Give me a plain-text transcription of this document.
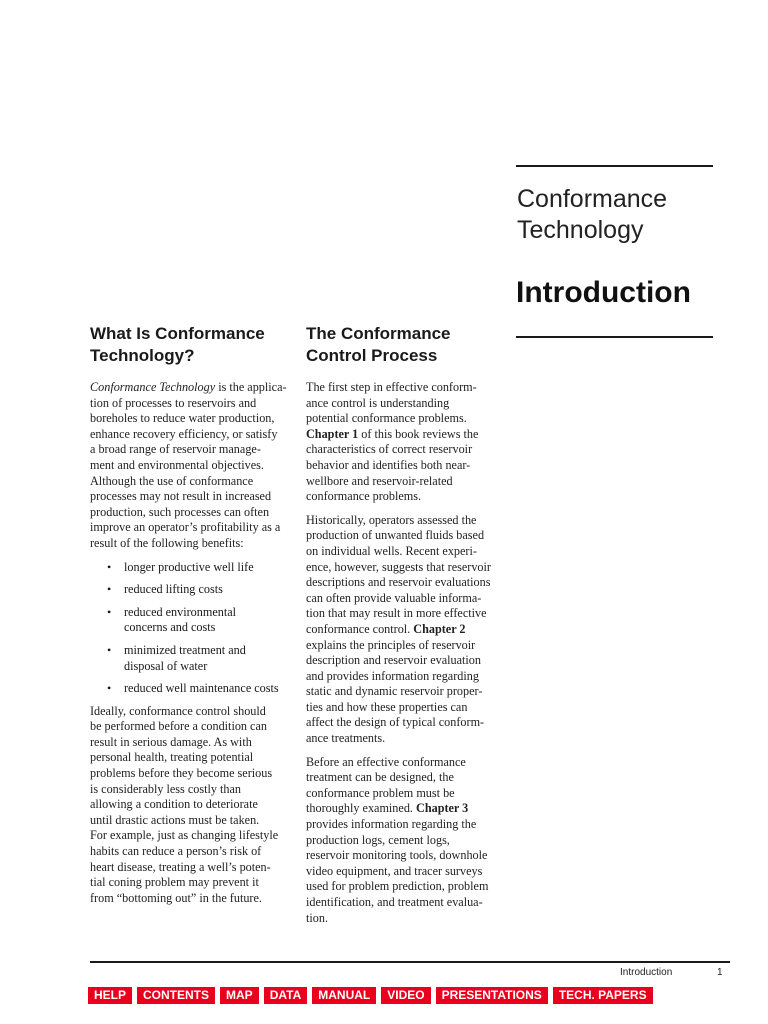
Conformance
Technology
Introduction
What Is Conformance
Technology?

Conformance Technology is the applica-
tion of processes to reservoirs and
boreholes to reduce water production,
enhance recovery efficiency, or satisfy
a broad range of reservoir manage-
ment and environmental objectives.
Although the use of conformance
processes may not result in increased
production, such processes can often
improve an operator’s profitability as a
result of the following benefits:

• longer productive well life
• reduced lifting costs
• reduced environmental
concerns and costs
• minimized treatment and
disposal of water
• reduced well maintenance costs

Ideally, conformance control should
be performed before a condition can
result in serious damage. As with
personal health, treating potential
problems before they become serious
is considerably less costly than
allowing a condition to deteriorate
until drastic actions must be taken.
For example, just as changing lifestyle
habits can reduce a person’s risk of
heart disease, treating a well’s poten-
tial coning problem may prevent it
from “bottoming out” in the future.

The Conformance
Control Process

The first step in effective conform-
ance control is understanding
potential conformance problems.
Chapter 1 of this book reviews the
characteristics of correct reservoir
behavior and identifies both near-
wellbore and reservoir-related
conformance problems.

Historically, operators assessed the
production of unwanted fluids based
on individual wells. Recent experi-
ence, however, suggests that reservoir
descriptions and reservoir evaluations
can often provide valuable informa-
tion that may result in more effective
conformance control. Chapter 2
explains the principles of reservoir
description and reservoir evaluation
and provides information regarding
static and dynamic reservoir proper-
ties and how these properties can
affect the design of typical conform-
ance treatments.

Before an effective conformance
treatment can be designed, the
conformance problem must be
thoroughly examined. Chapter 3
provides information regarding the
production logs, cement logs,
reservoir monitoring tools, downhole
video equipment, and tracer surveys
used for problem prediction, problem
identification, and treatment evalua-
tion.

Introduction	1
HELP	CONTENTS	MAP	DATA	MANUAL	VIDEO	PRESENTATIONS	TECH. PAPERS
